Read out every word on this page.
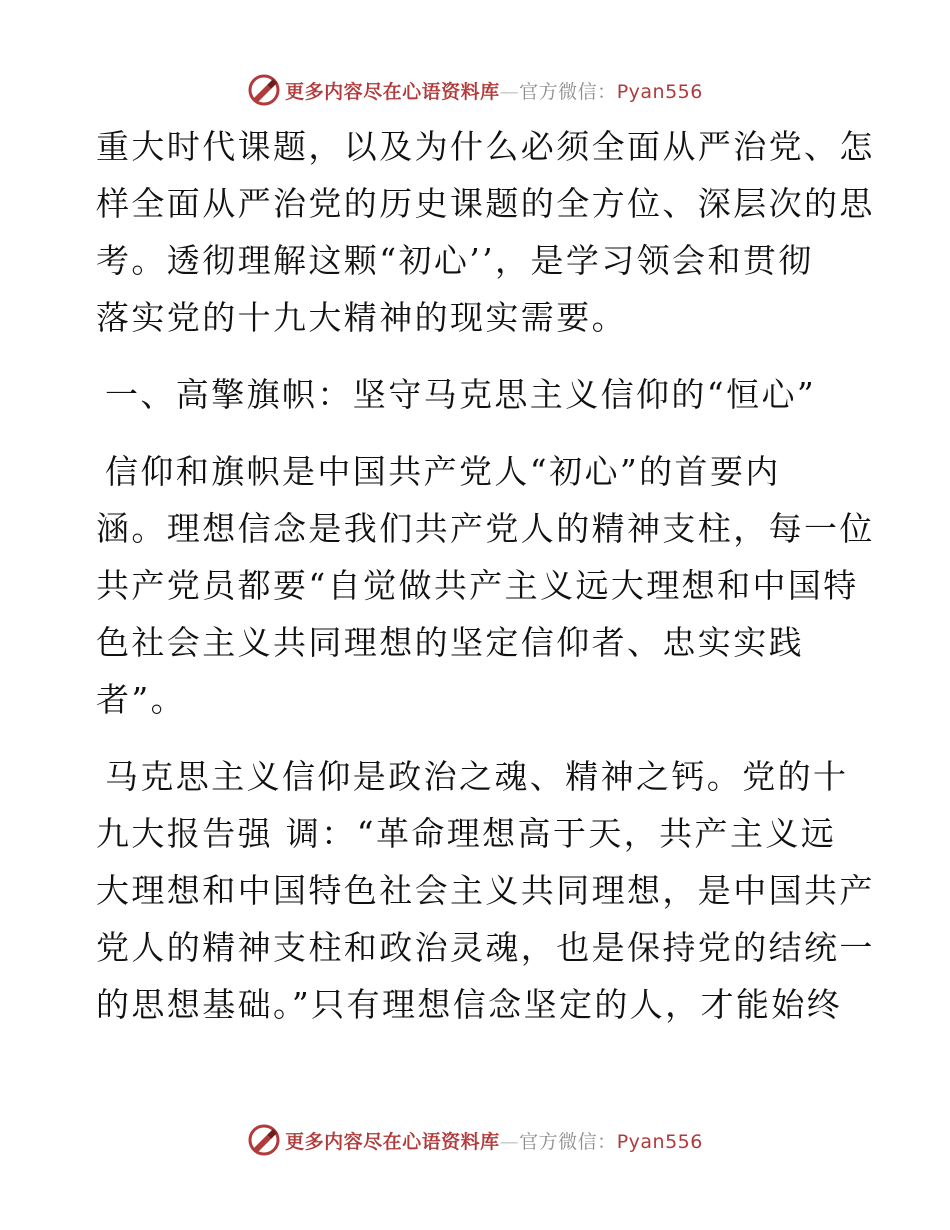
更多内容尽在心语资料库—官方微信：Pyan556
重大时代课题，以及为什么必须全面从严治党、怎
样全面从严治党的历史课题的全方位、深层次的思
考。透彻理解这颗“初心’’，是学习领会和贯彻
落实党的十九大精神的现实需要。
一、高擎旗帜：坚守马克思主义信仰的“恒心”
信仰和旗帜是中国共产党人“初心”的首要内
涵。理想信念是我们共产党人的精神支柱，每一位
共产党员都要“自觉做共产主义远大理想和中国特
色社会主义共同理想的坚定信仰者、忠实实践
者”。
马克思主义信仰是政治之魂、精神之钙。党的十
九大报告强 调：“革命理想高于天，共产主义远
大理想和中国特色社会主义共同理想，是中国共产
党人的精神支柱和政治灵魂，也是保持党的结统一
的思想基础。”只有理想信念坚定的人，才能始终
更多内容尽在心语资料库—官方微信：Pyan556
